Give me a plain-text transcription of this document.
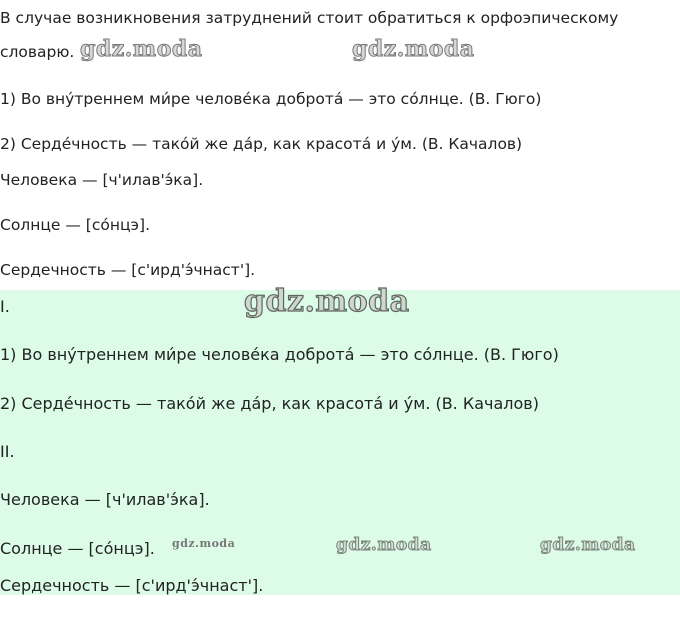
В случае возникновения затруднений стоит обратиться к орфоэпическому
словарю. gdz.moda	gdz.moda
1) Во вну́треннем ми́ре челове́ка доброта́ — это со́лнце. (В. Гюго)
2) Серде́чность — тако́й же да́р, как красота́ и у́м. (В. Качалов)
Человека — [ч'илав'э́ка].
Солнце — [со́нцэ].
Сердечность — [с'ирд'э́чнаст'].
I.	gdz.moda
1) Во вну́треннем ми́ре челове́ка доброта́ — это со́лнце. (В. Гюго)
2) Серде́чность — тако́й же да́р, как красота́ и у́м. (В. Качалов)
II.
Человека — [ч'илав'э́ка].
Солнце — [со́нцэ]. gdz.moda	gdz.moda	gdz.moda
Сердечность — [с'ирд'э́чнаст'].
